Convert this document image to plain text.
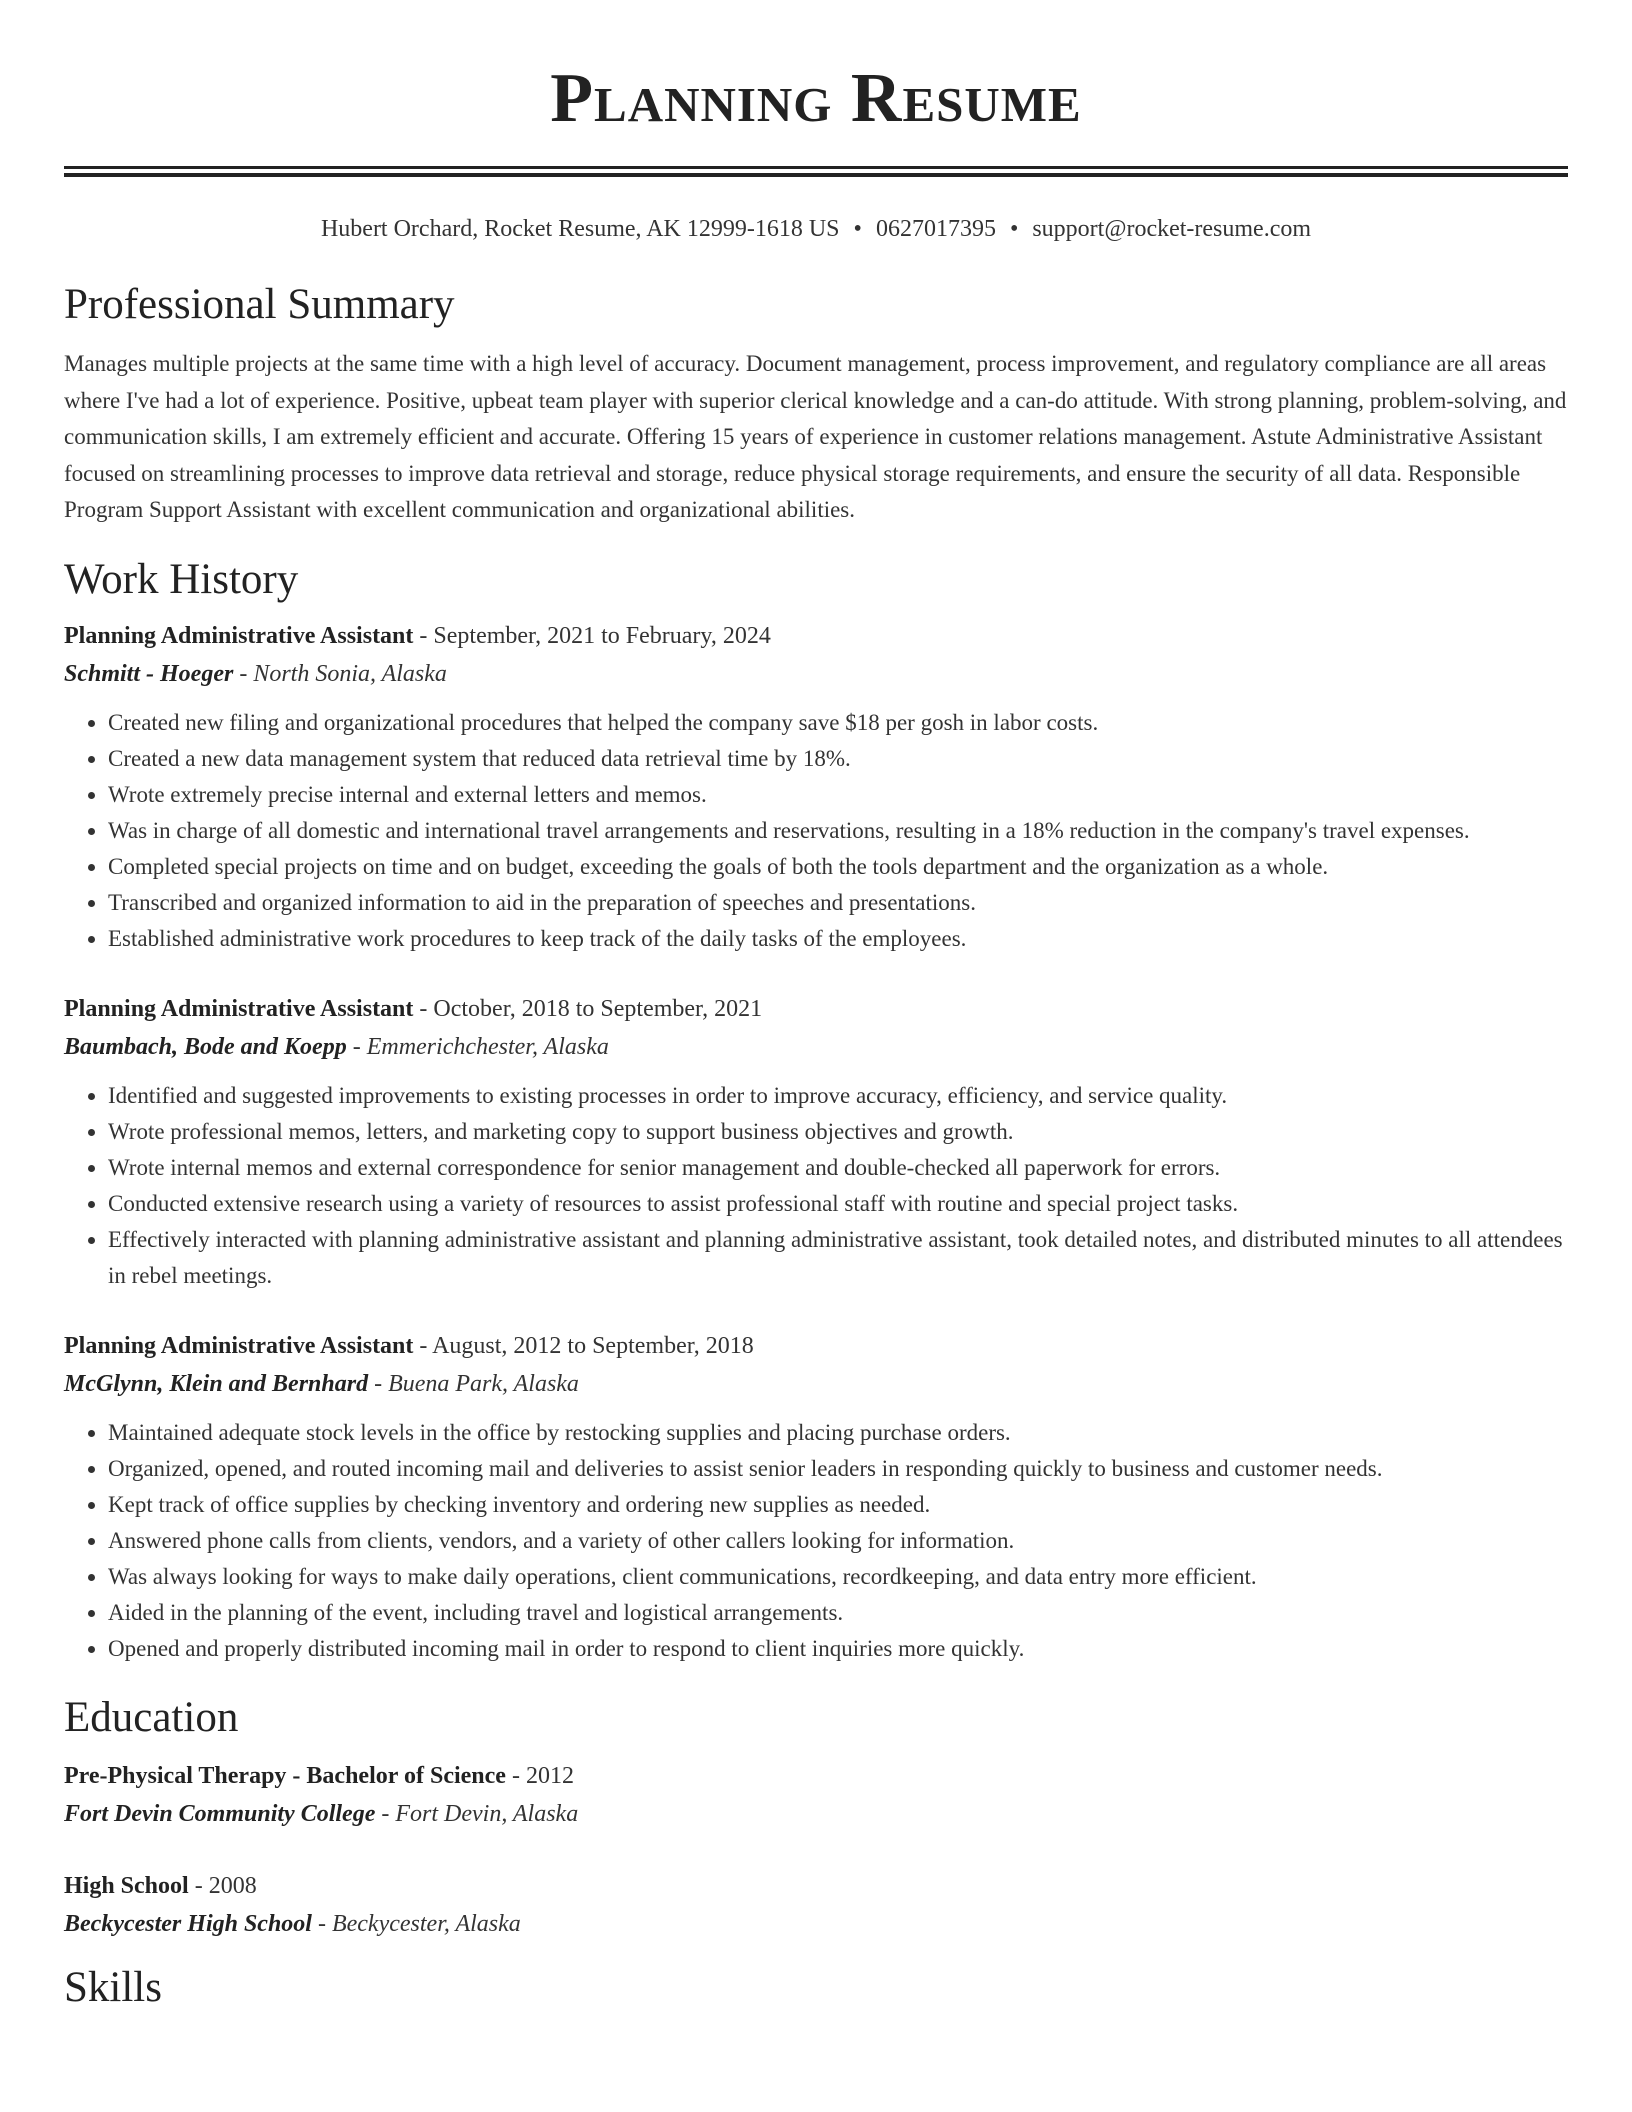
Planning Resume
Hubert Orchard, Rocket Resume, AK 12999-1618 US • 0627017395 • support@rocket-resume.com
Professional Summary
Manages multiple projects at the same time with a high level of accuracy. Document management, process improvement, and regulatory compliance are all areas where I've had a lot of experience. Positive, upbeat team player with superior clerical knowledge and a can-do attitude. With strong planning, problem-solving, and communication skills, I am extremely efficient and accurate. Offering 15 years of experience in customer relations management. Astute Administrative Assistant focused on streamlining processes to improve data retrieval and storage, reduce physical storage requirements, and ensure the security of all data. Responsible Program Support Assistant with excellent communication and organizational abilities.
Work History
Planning Administrative Assistant - September, 2021 to February, 2024
Schmitt - Hoeger - North Sonia, Alaska
• Created new filing and organizational procedures that helped the company save $18 per gosh in labor costs.
• Created a new data management system that reduced data retrieval time by 18%.
• Wrote extremely precise internal and external letters and memos.
• Was in charge of all domestic and international travel arrangements and reservations, resulting in a 18% reduction in the company's travel expenses.
• Completed special projects on time and on budget, exceeding the goals of both the tools department and the organization as a whole.
• Transcribed and organized information to aid in the preparation of speeches and presentations.
• Established administrative work procedures to keep track of the daily tasks of the employees.
Planning Administrative Assistant - October, 2018 to September, 2021
Baumbach, Bode and Koepp - Emmerichchester, Alaska
• Identified and suggested improvements to existing processes in order to improve accuracy, efficiency, and service quality.
• Wrote professional memos, letters, and marketing copy to support business objectives and growth.
• Wrote internal memos and external correspondence for senior management and double-checked all paperwork for errors.
• Conducted extensive research using a variety of resources to assist professional staff with routine and special project tasks.
• Effectively interacted with planning administrative assistant and planning administrative assistant, took detailed notes, and distributed minutes to all attendees in rebel meetings.
Planning Administrative Assistant - August, 2012 to September, 2018
McGlynn, Klein and Bernhard - Buena Park, Alaska
• Maintained adequate stock levels in the office by restocking supplies and placing purchase orders.
• Organized, opened, and routed incoming mail and deliveries to assist senior leaders in responding quickly to business and customer needs.
• Kept track of office supplies by checking inventory and ordering new supplies as needed.
• Answered phone calls from clients, vendors, and a variety of other callers looking for information.
• Was always looking for ways to make daily operations, client communications, recordkeeping, and data entry more efficient.
• Aided in the planning of the event, including travel and logistical arrangements.
• Opened and properly distributed incoming mail in order to respond to client inquiries more quickly.
Education
Pre-Physical Therapy - Bachelor of Science - 2012
Fort Devin Community College - Fort Devin, Alaska
High School - 2008
Beckycester High School - Beckycester, Alaska
Skills
